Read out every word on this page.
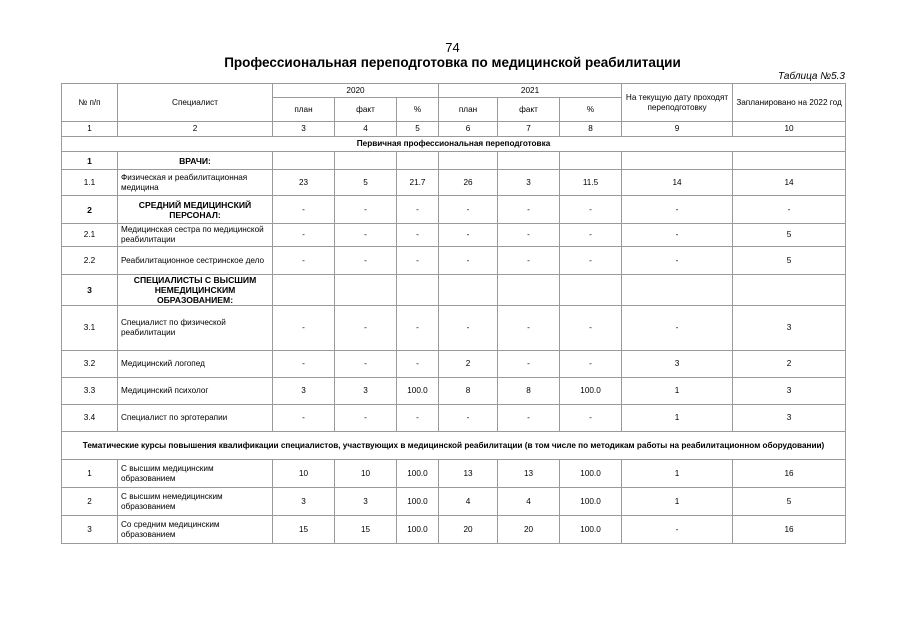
74
Профессиональная переподготовка по медицинской реабилитации
Таблица №5.3
№ п/п	Специалист	2020			2021			На текущую дату проходят переподготовку	Запланировано на 2022 год
		план	факт	%	план	факт	%		
1	2	3	4	5	6	7	8	9	10
Первичная профессиональная переподготовка									
1	ВРАЧИ:								
1.1	Физическая и реабилитационная медицина	23	5	21.7	26	3	11.5	14	14
2	СРЕДНИЙ МЕДИЦИНСКИЙ ПЕРСОНАЛ:	-	-	-	-	-	-	-	-
2.1	Медицинская сестра по медицинской реабилитации	-	-	-	-	-	-	-	5
2.2	Реабилитационное сестринское дело	-	-	-	-	-	-	-	5
3	СПЕЦИАЛИСТЫ С ВЫСШИМ НЕМЕДИЦИНСКИМ ОБРАЗОВАНИЕМ:								
3.1	Специалист по физической реабилитации	-	-	-	-	-	-	-	3
3.2	Медицинский логопед	-	-	-	2	-	-	3	2
3.3	Медицинский психолог	3	3	100.0	8	8	100.0	1	3
3.4	Специалист по эрготерапии	-	-	-	-	-	-	1	3
Тематические курсы повышения квалификации специалистов, участвующих в медицинской реабилитации (в том числе по методикам работы на реабилитационном оборудовании)									
1	С высшим медицинским образованием	10	10	100.0	13	13	100.0	1	16
2	С высшим немедицинским образованием	3	3	100.0	4	4	100.0	1	5
3	Со средним медицинским образованием	15	15	100.0	20	20	100.0	-	16
